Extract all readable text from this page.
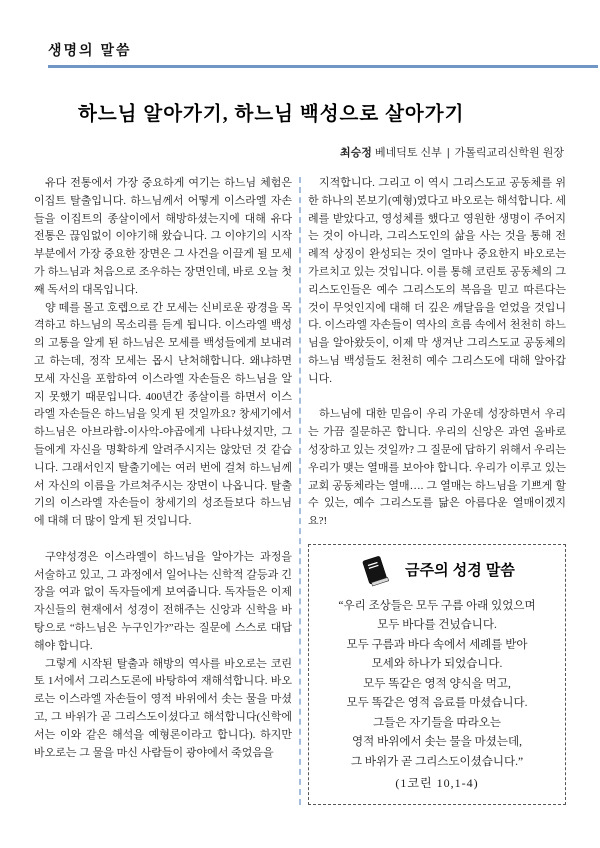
생명의 말씀
하느님 알아가기, 하느님 백성으로 살아가기
최승정 베네딕토 신부 | 가톨릭교리신학원 원장

유다 전통에서 가장 중요하게 여기는 하느님 체험은 이집트 탈출입니다. 하느님께서 어떻게 이스라엘 자손들을 이집트의 종살이에서 해방하셨는지에 대해 유다 전통은 끊임없이 이야기해 왔습니다. 그 이야기의 시작 부분에서 가장 중요한 장면은 그 사건을 이끌게 될 모세가 하느님과 처음으로 조우하는 장면인데, 바로 오늘 첫째 독서의 대목입니다.

양 떼를 몰고 호렙으로 간 모세는 신비로운 광경을 목격하고 하느님의 목소리를 듣게 됩니다. 이스라엘 백성의 고통을 알게 된 하느님은 모세를 백성들에게 보내려고 하는데, 정작 모세는 몹시 난처해합니다. 왜냐하면 모세 자신을 포함하여 이스라엘 자손들은 하느님을 알지 못했기 때문입니다. 400년간 종살이를 하면서 이스라엘 자손들은 하느님을 잊게 된 것일까요? 창세기에서 하느님은 아브라함-이사악-야곱에게 나타나셨지만, 그들에게 자신을 명확하게 알려주시지는 않았던 것 같습니다. 그래서인지 탈출기에는 여러 번에 걸쳐 하느님께서 자신의 이름을 가르쳐주시는 장면이 나옵니다. 탈출기의 이스라엘 자손들이 창세기의 성조들보다 하느님에 대해 더 많이 알게 된 것입니다.

구약성경은 이스라엘이 하느님을 알아가는 과정을 서술하고 있고, 그 과정에서 일어나는 신학적 갈등과 긴장을 여과 없이 독자들에게 보여줍니다. 독자들은 이제 자신들의 현재에서 성경이 전해주는 신앙과 신학을 바탕으로 “하느님은 누구인가?”라는 질문에 스스로 대답해야 합니다.

그렇게 시작된 탈출과 해방의 역사를 바오로는 코린토 1서에서 그리스도론에 바탕하여 재해석합니다. 바오로는 이스라엘 자손들이 영적 바위에서 솟는 물을 마셨고, 그 바위가 곧 그리스도이셨다고 해석합니다(신학에서는 이와 같은 해석을 예형론이라고 합니다). 하지만 바오로는 그 물을 마신 사람들이 광야에서 죽었음을

지적합니다. 그리고 이 역시 그리스도교 공동체를 위한 하나의 본보기(예형)였다고 바오로는 해석합니다. 세례를 받았다고, 영성체를 했다고 영원한 생명이 주어지는 것이 아니라, 그리스도인의 삶을 사는 것을 통해 전례적 상징이 완성되는 것이 얼마나 중요한지 바오로는 가르치고 있는 것입니다. 이를 통해 코린토 공동체의 그리스도인들은 예수 그리스도의 복음을 믿고 따른다는 것이 무엇인지에 대해 더 깊은 깨달음을 얻었을 것입니다. 이스라엘 자손들이 역사의 흐름 속에서 천천히 하느님을 알아왔듯이, 이제 막 생겨난 그리스도교 공동체의 하느님 백성들도 천천히 예수 그리스도에 대해 알아갑니다.

하느님에 대한 믿음이 우리 가운데 성장하면서 우리는 가끔 질문하곤 합니다. 우리의 신앙은 과연 올바로 성장하고 있는 것일까? 그 질문에 답하기 위해서 우리는 우리가 맺는 열매를 보아야 합니다. 우리가 이루고 있는 교회 공동체라는 열매…. 그 열매는 하느님을 기쁘게 할 수 있는, 예수 그리스도를 닮은 아름다운 열매이겠지요?!

금주의 성경 말씀
“우리 조상들은 모두 구름 아래 있었으며
모두 바다를 건넜습니다.
모두 구름과 바다 속에서 세례를 받아
모세와 하나가 되었습니다.
모두 똑같은 영적 양식을 먹고,
모두 똑같은 영적 음료를 마셨습니다.
그들은 자기들을 따라오는
영적 바위에서 솟는 물을 마셨는데,
그 바위가 곧 그리스도이셨습니다.”
(1코린 10,1-4)
